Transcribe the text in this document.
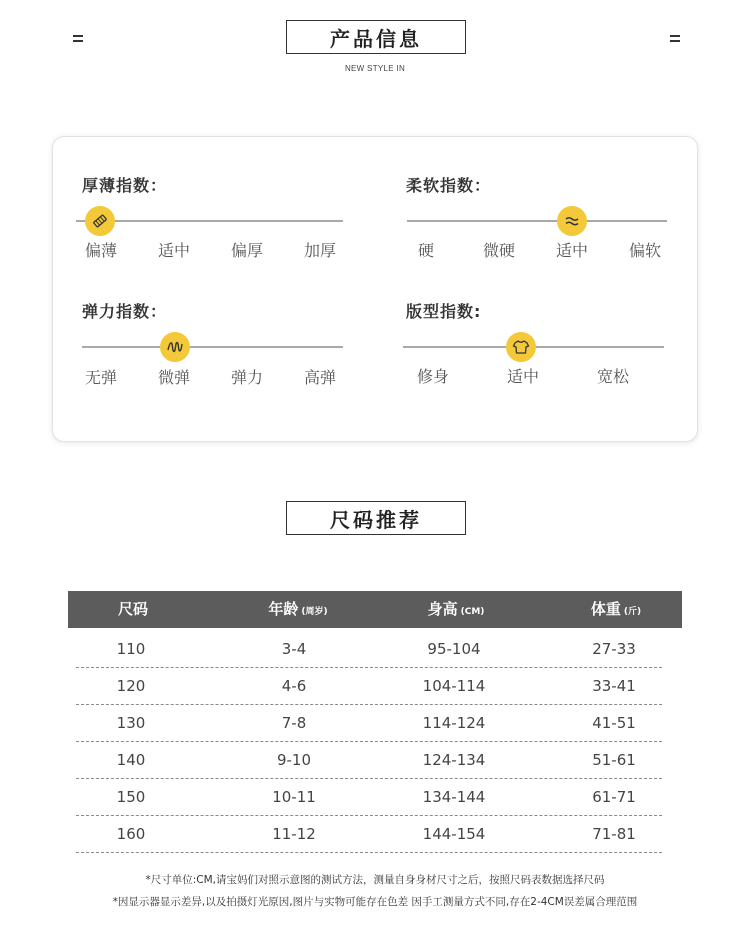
产品信息
NEW STYLE IN
厚薄指数：
偏薄	适中	偏厚	加厚
柔软指数：
硬	微硬	适中	偏软
弹力指数：
无弹	微弹	弹力	高弹
版型指数:
修身	适中	宽松
尺码推荐
尺码	年龄 (周岁)	身高 (CM)	体重 (斤)
110	3-4	95-104	27-33
120	4-6	104-114	33-41
130	7-8	114-124	41-51
140	9-10	124-134	51-61
150	10-11	134-144	61-71
160	11-12	144-154	71-81
*尺寸单位:CM,请宝妈们对照示意图的测试方法，测量自身身材尺寸之后，按照尺码表数据选择尺码
*因显示器显示差异,以及拍摄灯光原因,图片与实物可能存在色差 因手工测量方式不同,存在2-4CM误差属合理范围
